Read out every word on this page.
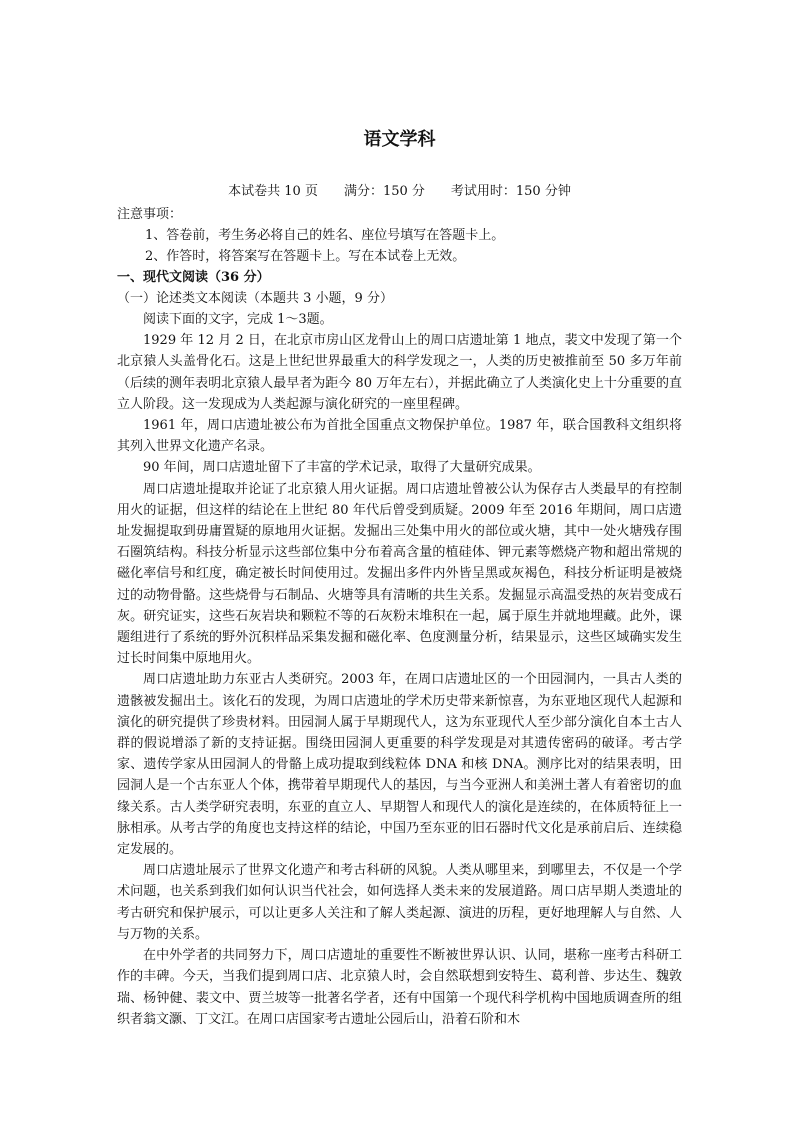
语文学科
本试卷共 10 页　　满分：150 分　　考试用时：150 分钟
注意事项：
1、答卷前，考生务必将自己的姓名、座位号填写在答题卡上。
2、作答时，将答案写在答题卡上。写在本试卷上无效。
一、现代文阅读（36 分）
（一）论述类文本阅读（本题共 3 小题，9 分）
阅读下面的文字，完成 1～3题。

1929 年 12 月 2 日，在北京市房山区龙骨山上的周口店遗址第 1 地点，裴文中发现了第一个北京猿人头盖骨化石。这是上世纪世界最重大的科学发现之一，人类的历史被推前至 50 多万年前（后续的测年表明北京猿人最早者为距今 80 万年左右），并据此确立了人类演化史上十分重要的直立人阶段。这一发现成为人类起源与演化研究的一座里程碑。

1961 年，周口店遗址被公布为首批全国重点文物保护单位。1987 年，联合国教科文组织将其列入世界文化遗产名录。

90 年间，周口店遗址留下了丰富的学术记录，取得了大量研究成果。

周口店遗址提取并论证了北京猿人用火证据。周口店遗址曾被公认为保存古人类最早的有控制用火的证据，但这样的结论在上世纪 80 年代后曾受到质疑。2009 年至 2016 年期间，周口店遗址发掘提取到毋庸置疑的原地用火证据。发掘出三处集中用火的部位或火塘，其中一处火塘残存围石圈筑结构。科技分析显示这些部位集中分布着高含量的植硅体、钾元素等燃烧产物和超出常规的磁化率信号和红度，确定被长时间使用过。发掘出多件内外皆呈黑或灰褐色，科技分析证明是被烧过的动物骨骼。这些烧骨与石制品、火塘等具有清晰的共生关系。发掘显示高温受热的灰岩变成石灰。研究证实，这些石灰岩块和颗粒不等的石灰粉末堆积在一起，属于原生并就地埋藏。此外，课题组进行了系统的野外沉积样品采集发掘和磁化率、色度测量分析，结果显示，这些区域确实发生过长时间集中原地用火。

周口店遗址助力东亚古人类研究。2003 年，在周口店遗址区的一个田园洞内，一具古人类的遗骸被发掘出土。该化石的发现，为周口店遗址的学术历史带来新惊喜，为东亚地区现代人起源和演化的研究提供了珍贵材料。田园洞人属于早期现代人，这为东亚现代人至少部分演化自本土古人群的假说增添了新的支持证据。围绕田园洞人更重要的科学发现是对其遗传密码的破译。考古学家、遗传学家从田园洞人的骨骼上成功提取到线粒体 DNA 和核 DNA。测序比对的结果表明，田园洞人是一个古东亚人个体，携带着早期现代人的基因，与当今亚洲人和美洲土著人有着密切的血缘关系。古人类学研究表明，东亚的直立人、早期智人和现代人的演化是连续的，在体质特征上一脉相承。从考古学的角度也支持这样的结论，中国乃至东亚的旧石器时代文化是承前启后、连续稳定发展的。

周口店遗址展示了世界文化遗产和考古科研的风貌。人类从哪里来，到哪里去，不仅是一个学术问题，也关系到我们如何认识当代社会，如何选择人类未来的发展道路。周口店早期人类遗址的考古研究和保护展示，可以让更多人关注和了解人类起源、演进的历程，更好地理解人与自然、人与万物的关系。

在中外学者的共同努力下，周口店遗址的重要性不断被世界认识、认同，堪称一座考古科研工作的丰碑。今天，当我们提到周口店、北京猿人时，会自然联想到安特生、葛利普、步达生、魏敦瑞、杨钟健、裴文中、贾兰坡等一批著名学者，还有中国第一个现代科学机构中国地质调查所的组织者翁文灏、丁文江。在周口店国家考古遗址公园后山，沿着石阶和木
